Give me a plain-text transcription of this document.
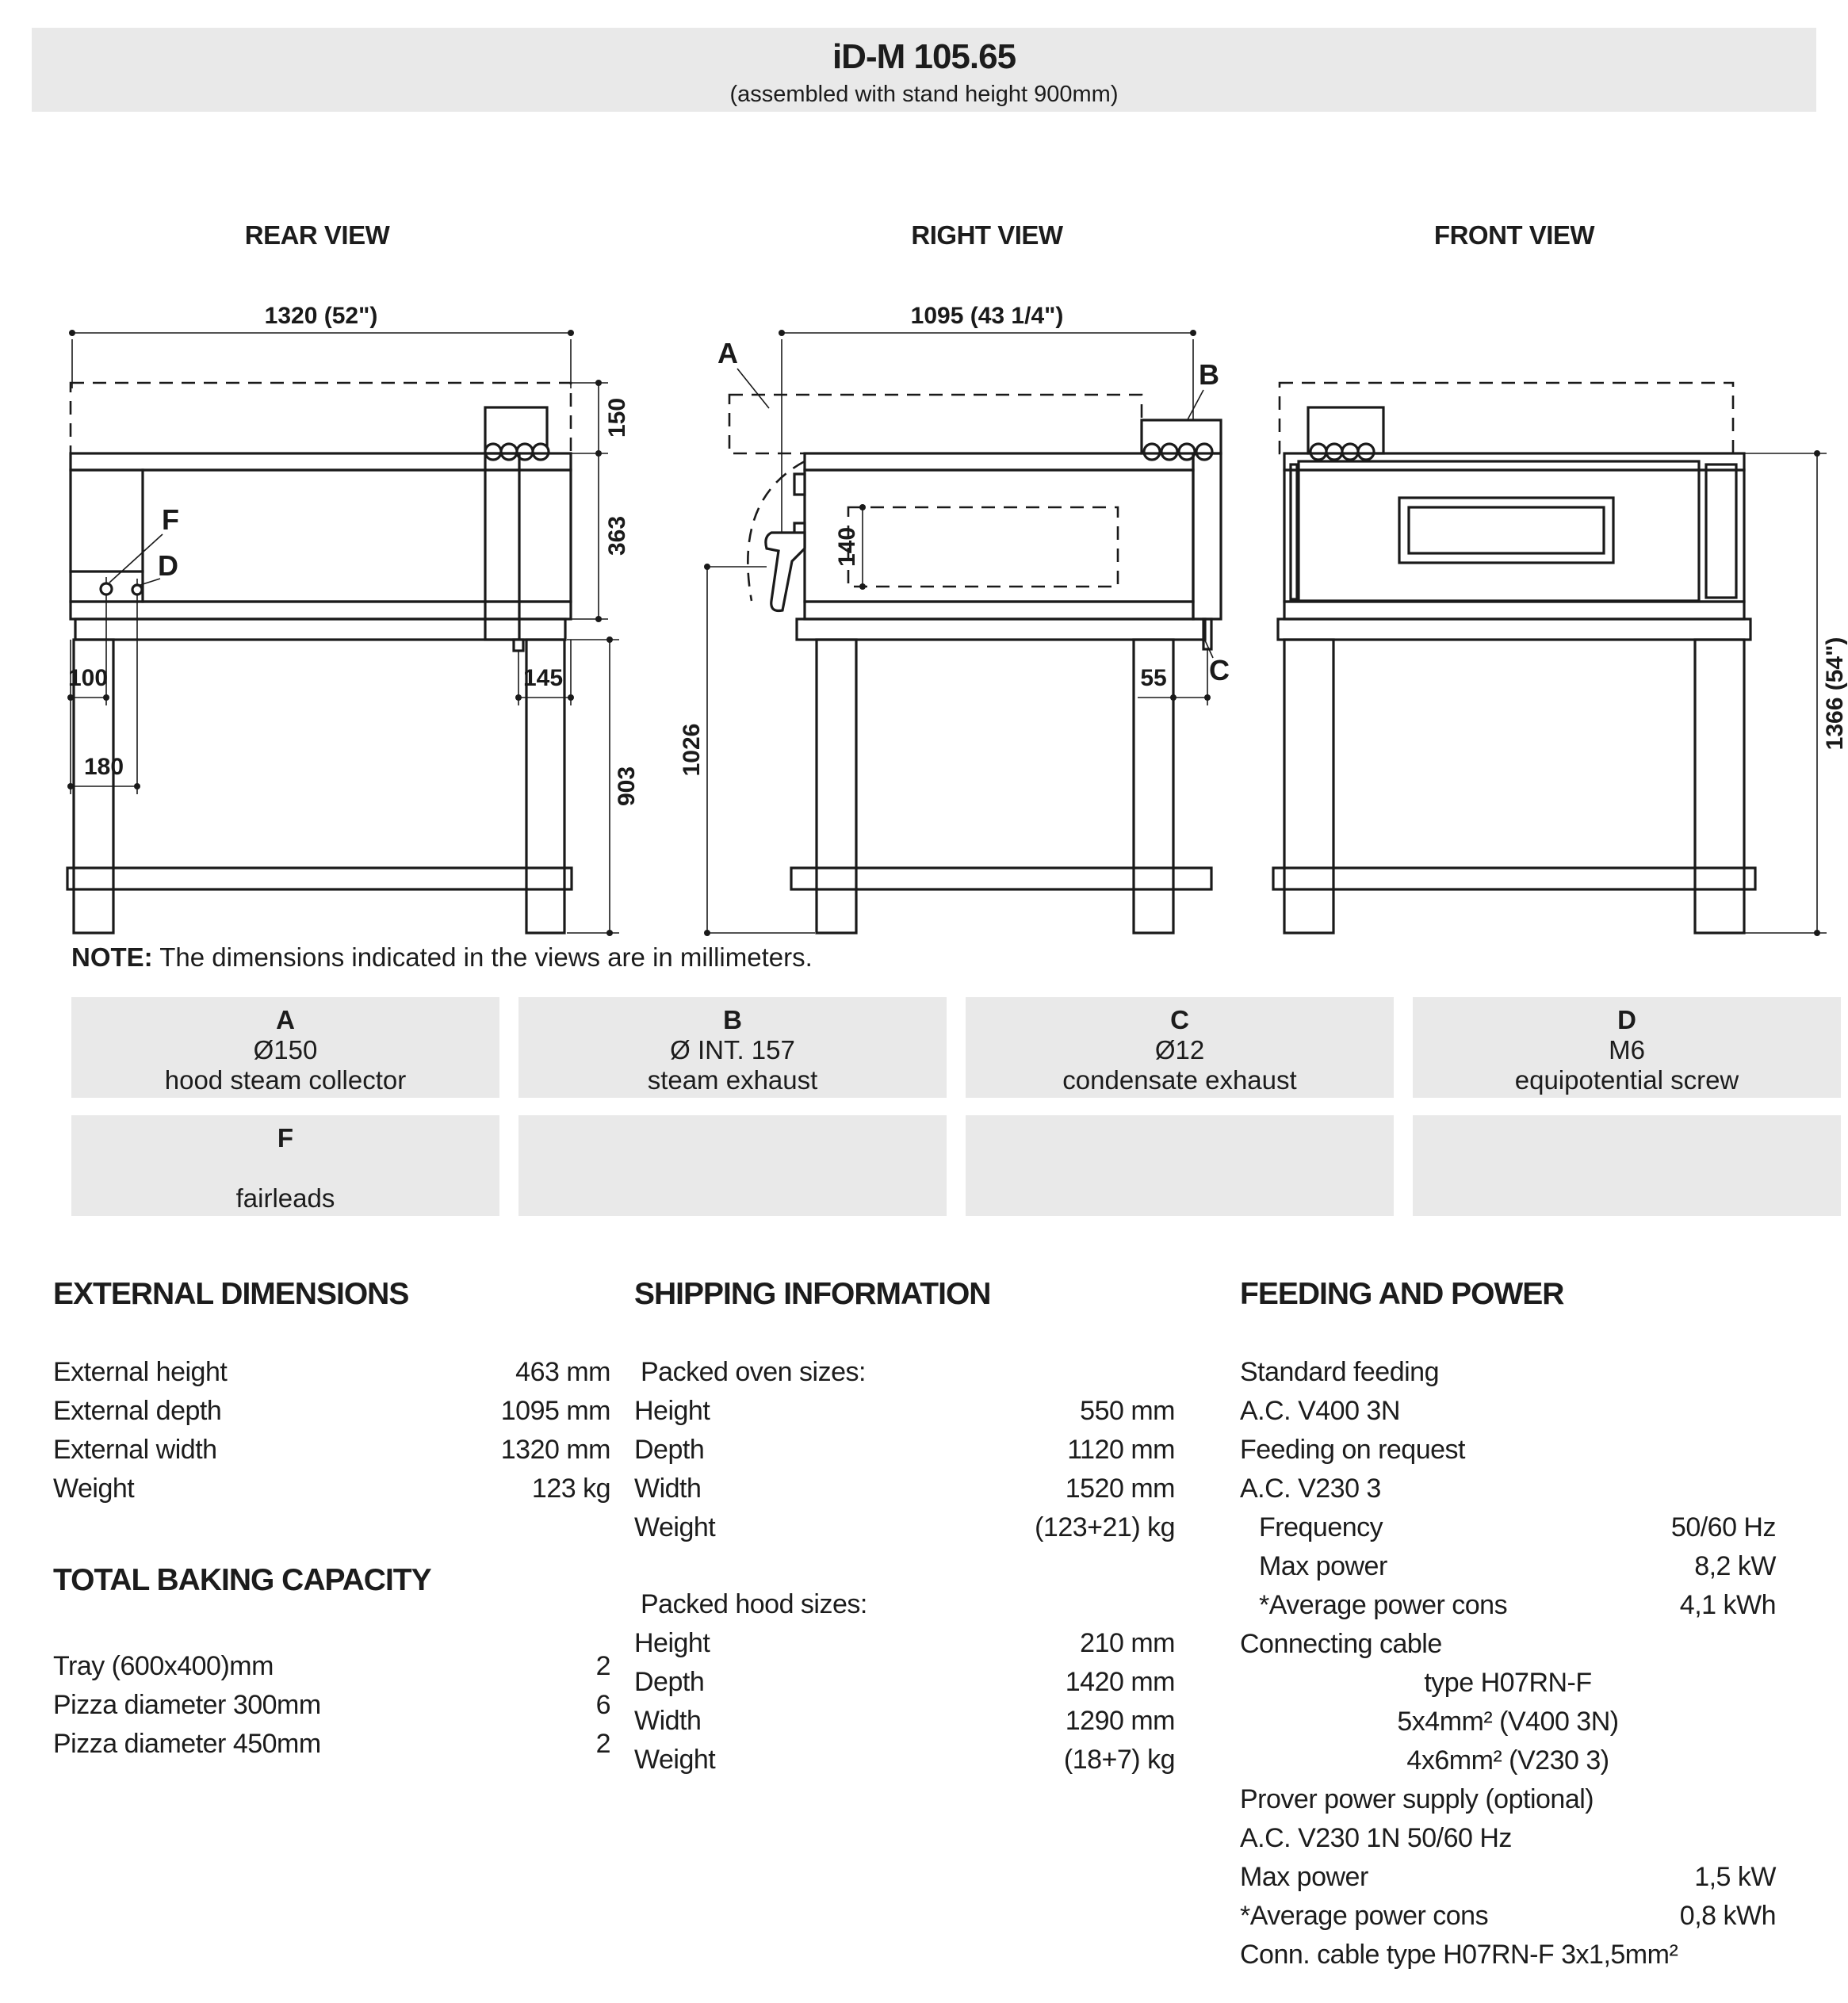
iD-M 105.65
(assembled with stand height 900mm)
REAR VIEW	RIGHT VIEW	FRONT VIEW
1320 (52")
F
D
150
363
903
100
180
145
1095 (43 1/4")
A
B
140
1026
C
55	1366 (54")
NOTE: The dimensions indicated in the views are in millimeters.
A
Ø150
hood steam collector
B
Ø INT. 157
steam exhaust
C
Ø12
condensate exhaust
D
M6
equipotential screw
F
fairleads
EXTERNAL DIMENSIONS
External height	463 mm
External depth	1095 mm
External width	1320 mm
Weight	123 kg
TOTAL BAKING CAPACITY
Tray (600x400)mm	2
Pizza diameter 300mm	6
Pizza diameter 450mm	2
SHIPPING INFORMATION
Packed oven sizes:
Height	550 mm
Depth	1120 mm
Width	1520 mm
Weight	(123+21) kg
Packed hood sizes:
Height	210 mm
Depth	1420 mm
Width	1290 mm
Weight	(18+7) kg
FEEDING AND POWER
Standard feeding
A.C. V400 3N
Feeding on request
A.C. V230 3
Frequency	50/60 Hz
Max power	8,2 kW
*Average power cons	4,1 kWh
Connecting cable
type H07RN-F
5x4mm² (V400 3N)
4x6mm² (V230 3)
Prover power supply (optional)
A.C. V230 1N 50/60 Hz
Max power	1,5 kW
*Average power cons	0,8 kWh
Conn. cable type H07RN-F 3x1,5mm²
